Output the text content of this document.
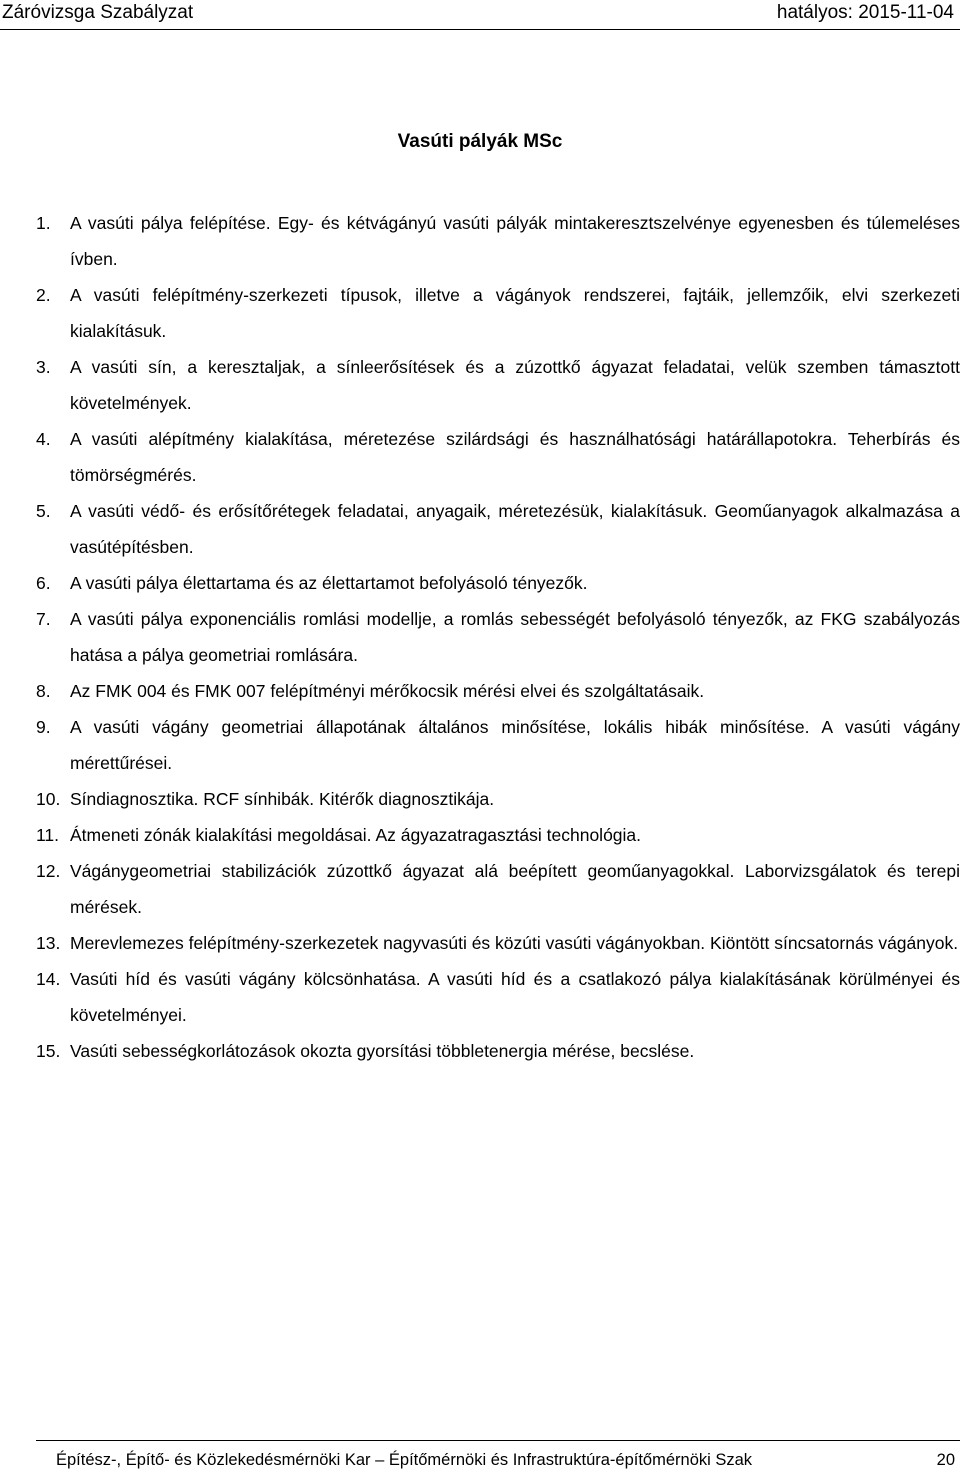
Záróvizsga Szabályzat	hatályos: 2015-11-04
Vasúti pályák MSc
1.	A vasúti pálya felépítése. Egy- és kétvágányú vasúti pályák mintakeresztszelvénye egyenesben és túlemeléses ívben.
2.	A vasúti felépítmény-szerkezeti típusok, illetve a vágányok rendszerei, fajtáik, jellemzőik, elvi szerkezeti kialakításuk.
3.	A vasúti sín, a keresztaljak, a sínleerősítések és a zúzottkő ágyazat feladatai, velük szemben támasztott követelmények.
4.	A vasúti alépítmény kialakítása, méretezése szilárdsági és használhatósági határállapotokra. Teherbírás és tömörségmérés.
5.	A vasúti védő- és erősítőrétegek feladatai, anyagaik, méretezésük, kialakításuk. Geoműanyagok alkalmazása a vasútépítésben.
6.	A vasúti pálya élettartama és az élettartamot befolyásoló tényezők.
7.	A vasúti pálya exponenciális romlási modellje, a romlás sebességét befolyásoló tényezők, az FKG szabályozás hatása a pálya geometriai romlására.
8.	Az FMK 004 és FMK 007 felépítményi mérőkocsik mérési elvei és szolgáltatásaik.
9.	A vasúti vágány geometriai állapotának általános minősítése, lokális hibák minősítése. A vasúti vágány mérettűrései.
10. Síndiagnosztika. RCF sínhibák. Kitérők diagnosztikája.
11. Átmeneti zónák kialakítási megoldásai. Az ágyazatragasztási technológia.
12. Vágánygeometriai stabilizációk zúzottkő ágyazat alá beépített geoműanyagokkal. Laborvizsgálatok és terepi mérések.
13. Merevlemezes felépítmény-szerkezetek nagyvasúti és közúti vasúti vágányokban. Kiöntött síncsatornás vágányok.
14. Vasúti híd és vasúti vágány kölcsönhatása. A vasúti híd és a csatlakozó pálya kialakításának körülményei és követelményei.
15. Vasúti sebességkorlátozások okozta gyorsítási többletenergia mérése, becslése.
Építész-, Építő- és Közlekedésmérnöki Kar – Építőmérnöki és Infrastruktúra-építőmérnöki Szak	20
